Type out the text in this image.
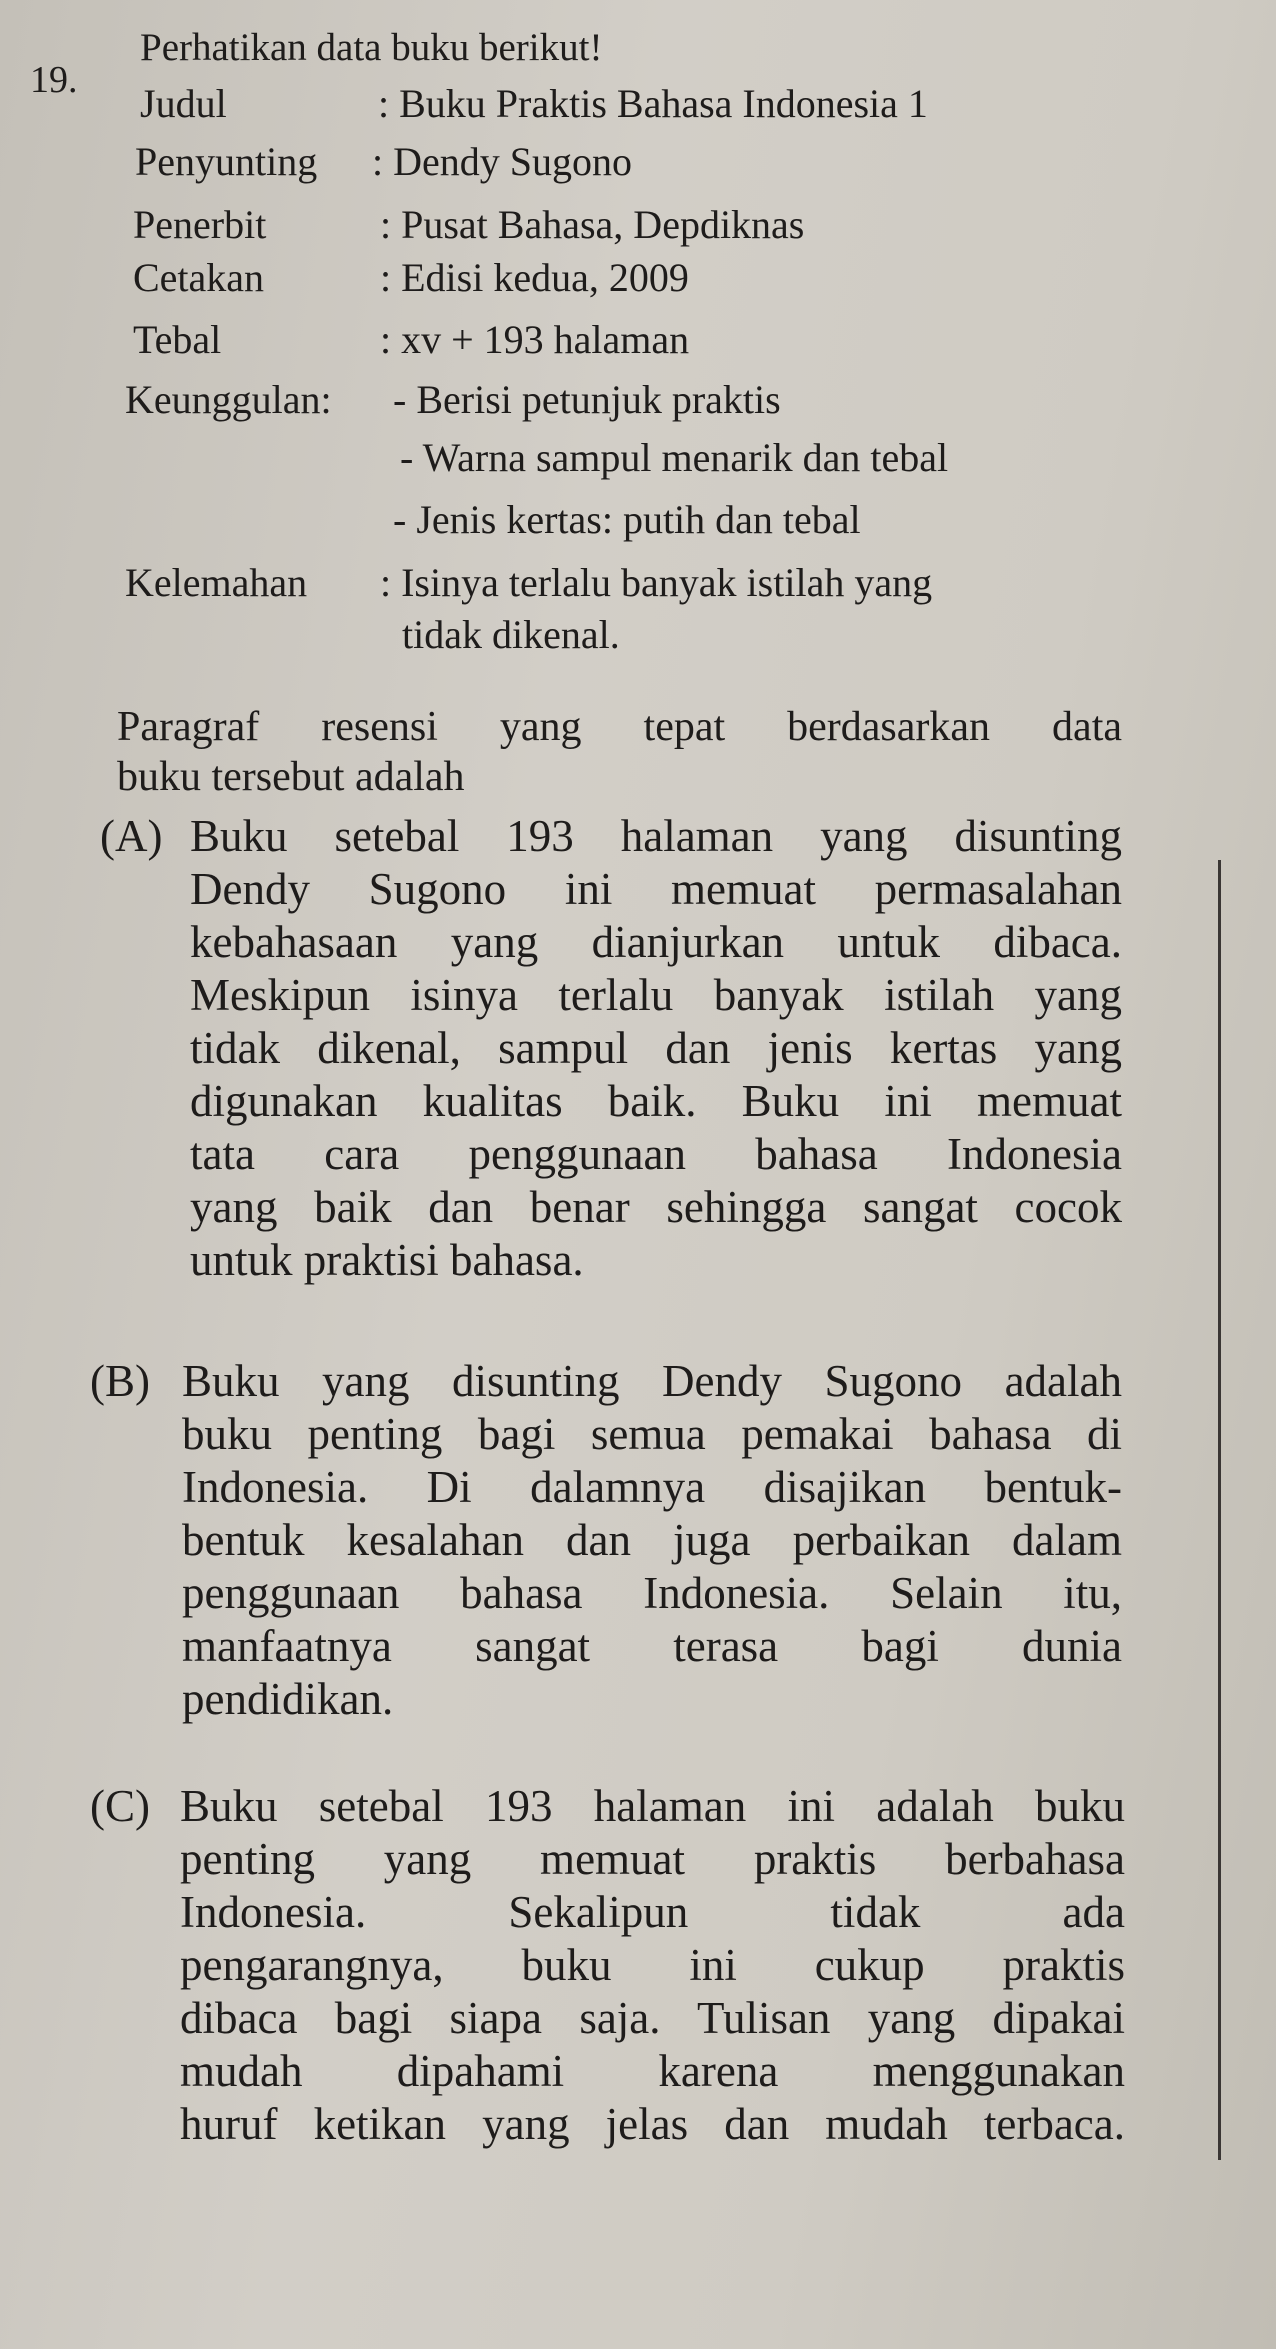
19.
Perhatikan data buku berikut!
Judul	: Buku Praktis Bahasa Indonesia 1
Penyunting : Dendy Sugono
Penerbit	: Pusat Bahasa, Depdiknas
Cetakan	: Edisi kedua, 2009
Tebal	: xv + 193 halaman
Keunggulan: - Berisi petunjuk praktis
- Warna sampul menarik dan tebal
- Jenis kertas: putih dan tebal
Kelemahan : Isinya terlalu banyak istilah yang
tidak dikenal.
Paragraf resensi yang tepat berdasarkan data
buku tersebut adalah
(A) Buku setebal 193 halaman yang disunting
Dendy Sugono ini memuat permasalahan
kebahasaan yang dianjurkan untuk dibaca.
Meskipun isinya terlalu banyak istilah yang
tidak dikenal, sampul dan jenis kertas yang
digunakan kualitas baik. Buku ini memuat
tata cara penggunaan bahasa Indonesia
yang baik dan benar sehingga sangat cocok
untuk praktisi bahasa.
(B) Buku yang disunting Dendy Sugono adalah
buku penting bagi semua pemakai bahasa di
Indonesia. Di dalamnya disajikan bentuk-
bentuk kesalahan dan juga perbaikan dalam
penggunaan bahasa Indonesia. Selain itu,
manfaatnya sangat terasa bagi dunia
pendidikan.
(C) Buku setebal 193 halaman ini adalah buku
penting yang memuat praktis berbahasa
Indonesia. Sekalipun tidak ada
pengarangnya, buku ini cukup praktis
dibaca bagi siapa saja. Tulisan yang dipakai
mudah dipahami karena menggunakan
huruf ketikan yang jelas dan mudah terbaca.
